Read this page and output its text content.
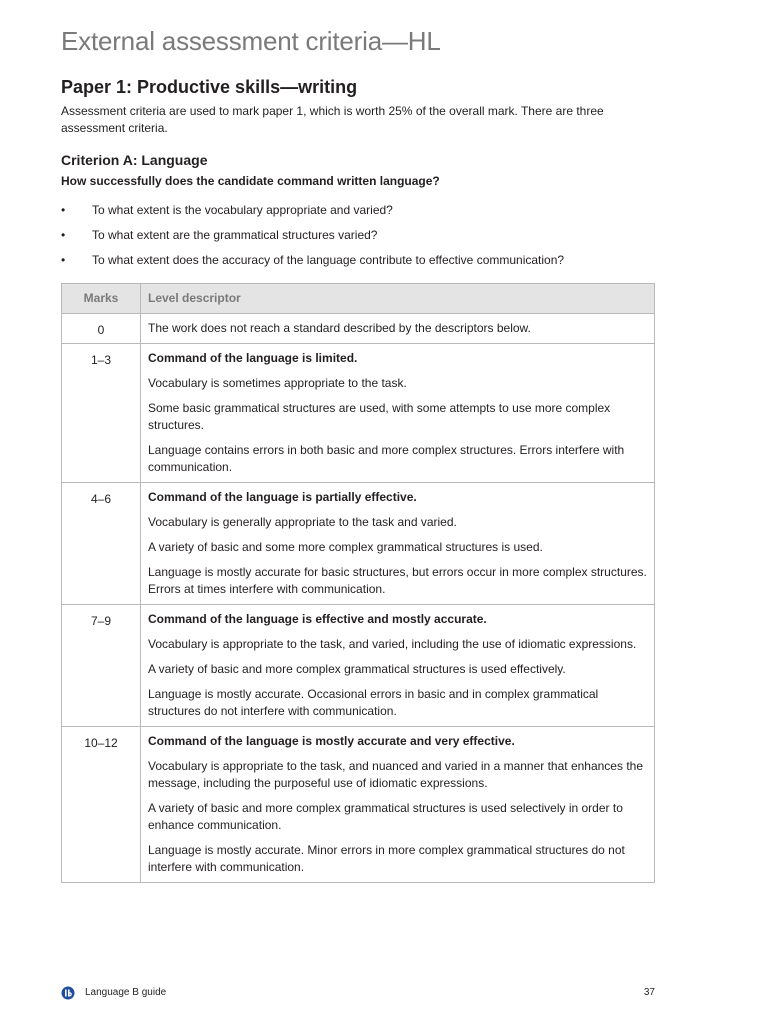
External assessment criteria—HL
Paper 1: Productive skills—writing

Assessment criteria are used to mark paper 1, which is worth 25% of the overall mark. There are three assessment criteria.

Criterion A: Language

How successfully does the candidate command written language?

• To what extent is the vocabulary appropriate and varied?
• To what extent are the grammatical structures varied?
• To what extent does the accuracy of the language contribute to effective communication?
Marks	Level descriptor
0	The work does not reach a standard described by the descriptors below.

1–3	Command of the language is limited.

Vocabulary is sometimes appropriate to the task.

Some basic grammatical structures are used, with some attempts to use more complex structures.

Language contains errors in both basic and more complex structures. Errors interfere with communication.

4–6	Command of the language is partially effective.

Vocabulary is generally appropriate to the task and varied.

A variety of basic and some more complex grammatical structures is used.

Language is mostly accurate for basic structures, but errors occur in more complex structures. Errors at times interfere with communication.

7–9	Command of the language is effective and mostly accurate.

Vocabulary is appropriate to the task, and varied, including the use of idiomatic expressions.

A variety of basic and more complex grammatical structures is used effectively.

Language is mostly accurate. Occasional errors in basic and in complex grammatical structures do not interfere with communication.

10–12	Command of the language is mostly accurate and very effective.

Vocabulary is appropriate to the task, and nuanced and varied in a manner that enhances the message, including the purposeful use of idiomatic expressions.

A variety of basic and more complex grammatical structures is used selectively in order to enhance communication.

Language is mostly accurate. Minor errors in more complex grammatical structures do not interfere with communication.

Language B guide	37
